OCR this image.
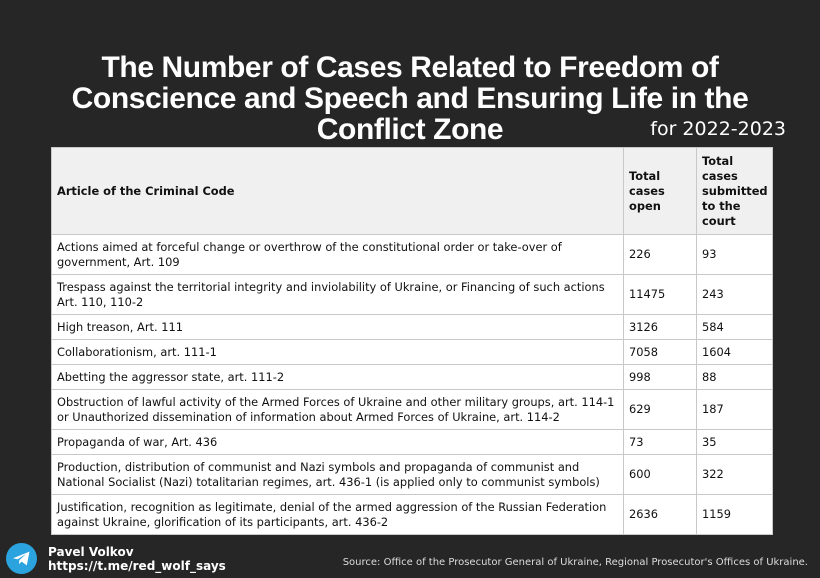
The Number of Cases Related to Freedom of Conscience and Speech and Ensuring Life in the Conflict Zone	for 2022-2023
Article of the Criminal Code	Total cases open	Total cases submitted to the court
Actions aimed at forceful change or overthrow of the constitutional order or take-over of government, Art. 109	226	93
Trespass against the territorial integrity and inviolability of Ukraine, or Financing of such actions Art. 110, 110-2	11475	243
High treason, Art. 111	3126	584
Collaborationism, art. 111-1	7058	1604
Abetting the aggressor state, art. 111-2	998	88
Obstruction of lawful activity of the Armed Forces of Ukraine and other military groups, art. 114-1 or Unauthorized dissemination of information about Armed Forces of Ukraine, art. 114-2	629	187
Propaganda of war, Art. 436	73	35
Production, distribution of communist and Nazi symbols and propaganda of communist and National Socialist (Nazi) totalitarian regimes, art. 436-1 (is applied only to communist symbols)	600	322
Justification, recognition as legitimate, denial of the armed aggression of the Russian Federation against Ukraine, glorification of its participants, art. 436-2	2636	1159
Pavel Volkov
https://t.me/red_wolf_says	Source: Office of the Prosecutor General of Ukraine, Regional Prosecutor's Offices of Ukraine.
